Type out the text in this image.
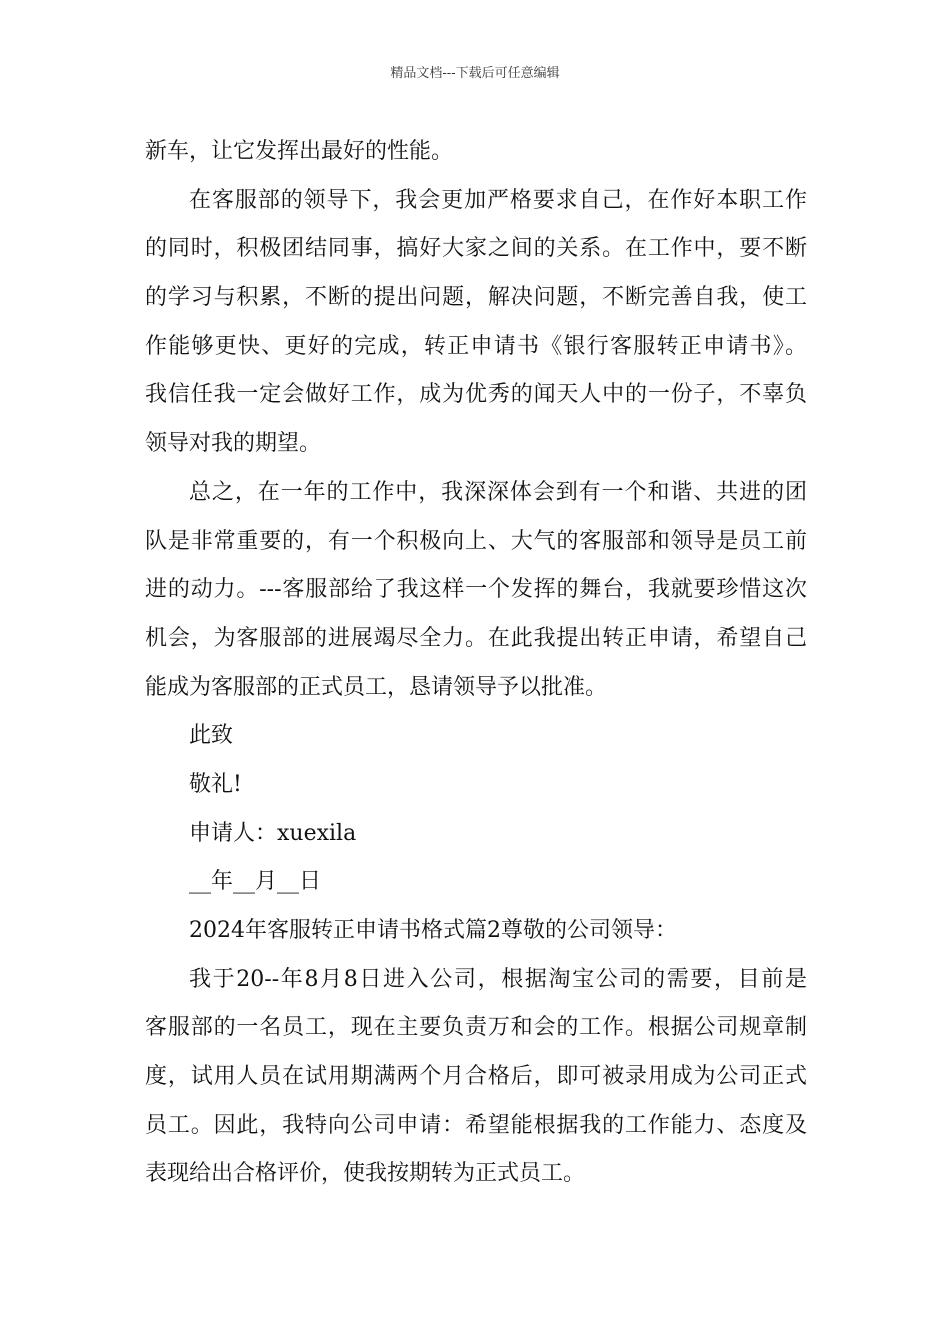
精品文档---下载后可任意编辑
新车，让它发挥出最好的性能。
在客服部的领导下，我会更加严格要求自己，在作好本职工作
的同时，积极团结同事，搞好大家之间的关系。在工作中，要不断
的学习与积累，不断的提出问题，解决问题，不断完善自我，使工
作能够更快、更好的完成，转正申请书《银行客服转正申请书》。
我信任我一定会做好工作，成为优秀的闻天人中的一份子，不辜负
领导对我的期望。
总之，在一年的工作中，我深深体会到有一个和谐、共进的团
队是非常重要的，有一个积极向上、大气的客服部和领导是员工前
进的动力。---客服部给了我这样一个发挥的舞台，我就要珍惜这次
机会，为客服部的进展竭尽全力。在此我提出转正申请，希望自己
能成为客服部的正式员工，恳请领导予以批准。
此致
敬礼!
申请人：xuexila
__年__月__日
2024年客服转正申请书格式篇2尊敬的公司领导：
我于20--年8月8日进入公司，根据淘宝公司的需要，目前是
客服部的一名员工，现在主要负责万和会的工作。根据公司规章制
度，试用人员在试用期满两个月合格后，即可被录用成为公司正式
员工。因此，我特向公司申请：希望能根据我的工作能力、态度及
表现给出合格评价，使我按期转为正式员工。
